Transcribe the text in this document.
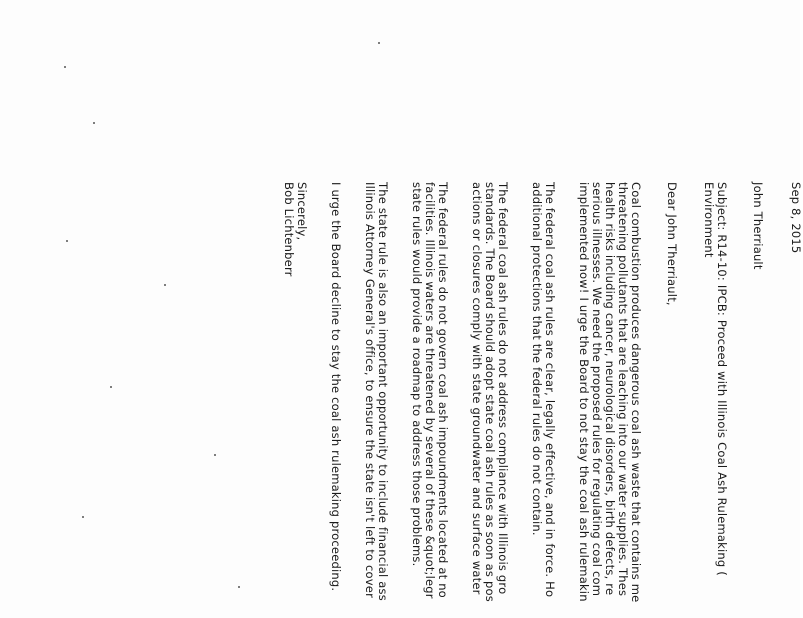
Sep 8, 2015
John Therriault
Subject: R14-10: IPCB: Proceed with Illinois Coal Ash Rulemaking (
Environment
Dear John Therriault,
Coal combustion produces dangerous coal ash waste that contains me
threatening pollutants that are leaching into our water supplies. Thes
health risks including cancer, neurological disorders, birth defects, re
serious illnesses. We need the proposed rules for regulating coal com
implemented now! I urge the Board to not stay the coal ash rulemakin
The federal coal ash rules are clear, legally effective, and in force. Ho
additional protections that the federal rules do not contain.
The federal coal ash rules do not address compliance with Illinois gro
standards. The Board should adopt state coal ash rules as soon as pos
actions or closures comply with state groundwater and surface water
The federal rules do not govern coal ash impoundments located at no
facilities. Illinois waters are threatened by several of these &quot;legr
state rules would provide a roadmap to address those problems.
The state rule is also an important opportunity to include financial ass
Illinois Attorney General's office, to ensure the state isn't left to cover
I urge the Board decline to stay the coal ash rulemaking proceeding.
Sincerely,
Bob Lichtenberr
